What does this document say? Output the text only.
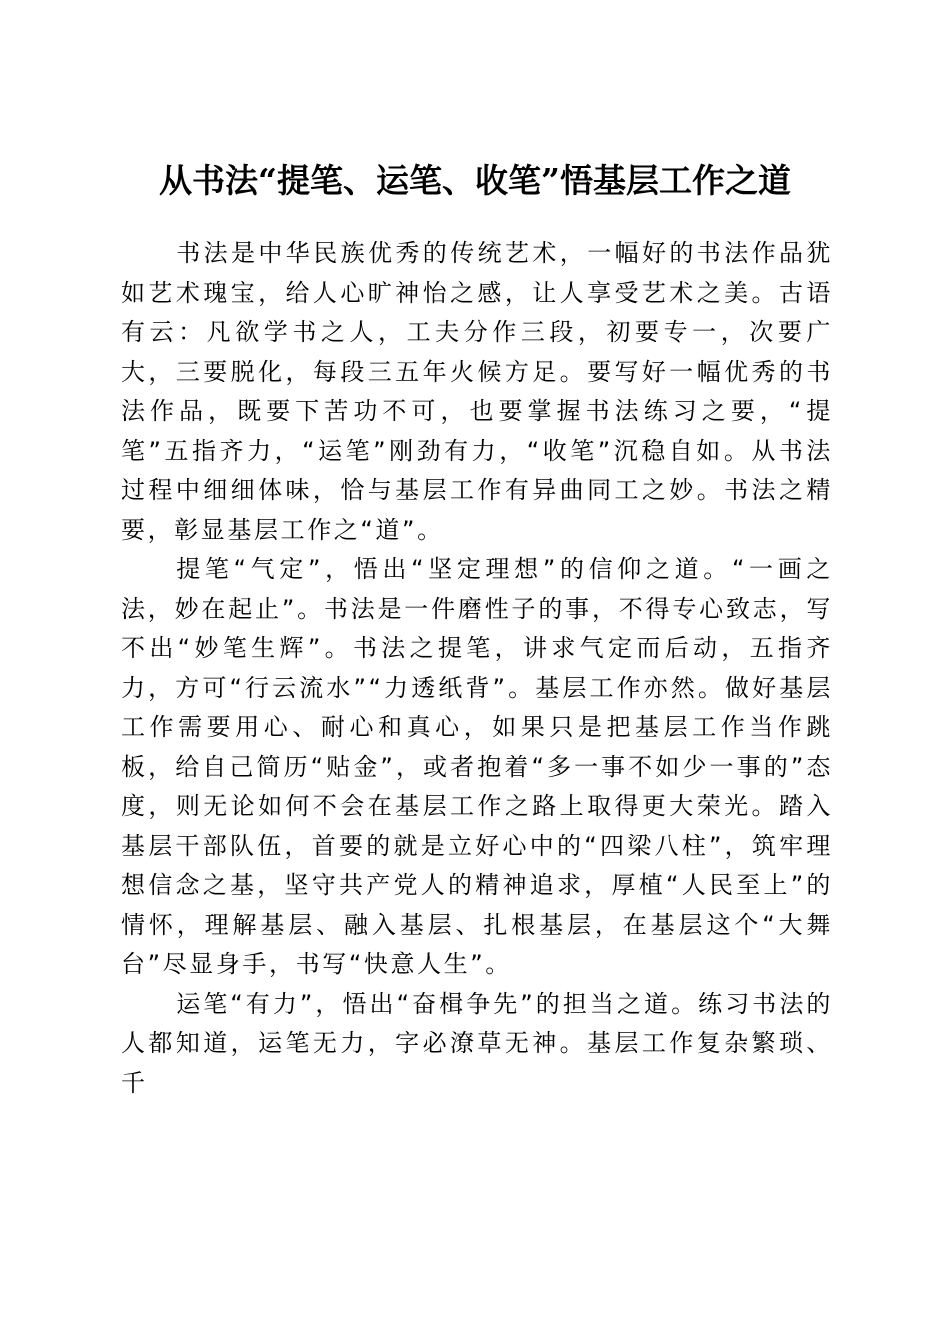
从书法“提笔、运笔、收笔”悟基层工作之道

书法是中华民族优秀的传统艺术，一幅好的书法作品犹如艺术瑰宝，给人心旷神怡之感，让人享受艺术之美。古语有云：凡欲学书之人，工夫分作三段，初要专一，次要广大，三要脱化，每段三五年火候方足。要写好一幅优秀的书法作品，既要下苦功不可，也要掌握书法练习之要，“提笔”五指齐力，“运笔”刚劲有力，“收笔”沉稳自如。从书法过程中细细体味，恰与基层工作有异曲同工之妙。书法之精要，彰显基层工作之“道”。

提笔“气定”，悟出“坚定理想”的信仰之道。“一画之法，妙在起止”。书法是一件磨性子的事，不得专心致志，写不出“妙笔生辉”。书法之提笔，讲求气定而后动，五指齐力，方可“行云流水”“力透纸背”。基层工作亦然。做好基层工作需要用心、耐心和真心，如果只是把基层工作当作跳板，给自己简历“贴金”，或者抱着“多一事不如少一事的”态度，则无论如何不会在基层工作之路上取得更大荣光。踏入基层干部队伍，首要的就是立好心中的“四梁八柱”，筑牢理想信念之基，坚守共产党人的精神追求，厚植“人民至上”的情怀，理解基层、融入基层、扎根基层，在基层这个“大舞台”尽显身手，书写“快意人生”。

运笔“有力”，悟出“奋楫争先”的担当之道。练习书法的人都知道，运笔无力，字必潦草无神。基层工作复杂繁琐、千
